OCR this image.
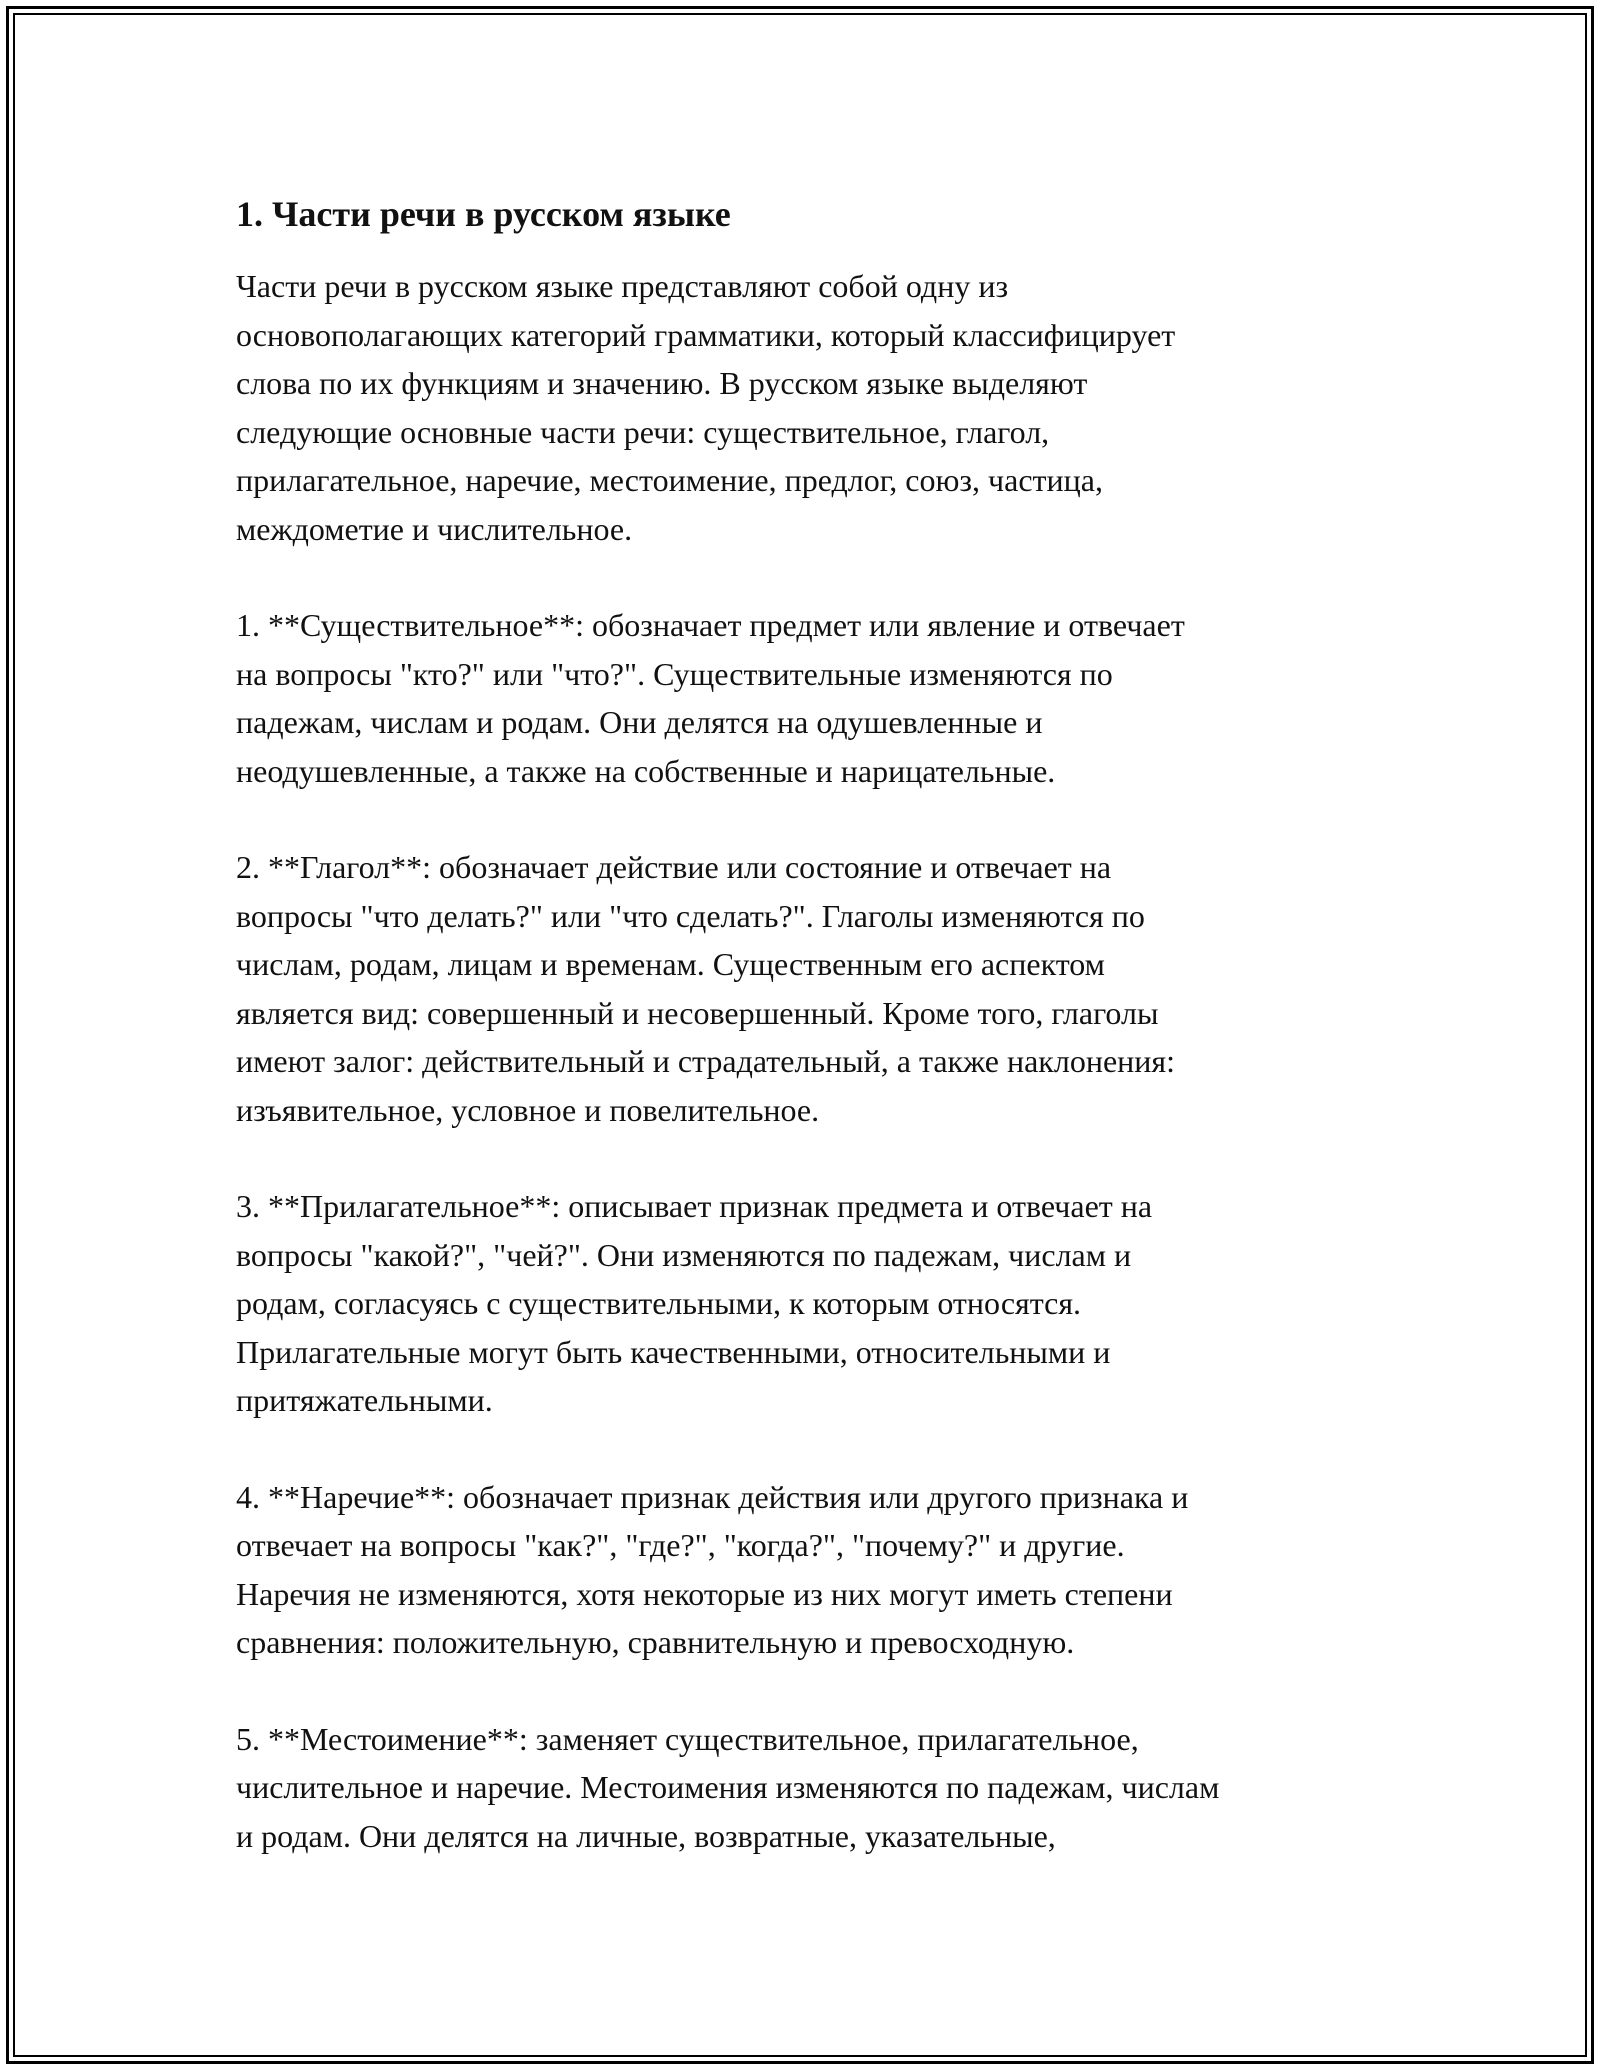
1. Части речи в русском языке

Части речи в русском языке представляют собой одну из
основополагающих категорий грамматики, который классифицирует
слова по их функциям и значению. В русском языке выделяют
следующие основные части речи: существительное, глагол,
прилагательное, наречие, местоимение, предлог, союз, частица,
междометие и числительное.

1. **Существительное**: обозначает предмет или явление и отвечает
на вопросы "кто?" или "что?". Существительные изменяются по
падежам, числам и родам. Они делятся на одушевленные и
неодушевленные, а также на собственные и нарицательные.

2. **Глагол**: обозначает действие или состояние и отвечает на
вопросы "что делать?" или "что сделать?". Глаголы изменяются по
числам, родам, лицам и временам. Существенным его аспектом
является вид: совершенный и несовершенный. Кроме того, глаголы
имеют залог: действительный и страдательный, а также наклонения:
изъявительное, условное и повелительное.

3. **Прилагательное**: описывает признак предмета и отвечает на
вопросы "какой?", "чей?". Они изменяются по падежам, числам и
родам, согласуясь с существительными, к которым относятся.
Прилагательные могут быть качественными, относительными и
притяжательными.

4. **Наречие**: обозначает признак действия или другого признака и
отвечает на вопросы "как?", "где?", "когда?", "почему?" и другие.
Наречия не изменяются, хотя некоторые из них могут иметь степени
сравнения: положительную, сравнительную и превосходную.

5. **Местоимение**: заменяет существительное, прилагательное,
числительное и наречие. Местоимения изменяются по падежам, числам
и родам. Они делятся на личные, возвратные, указательные,
